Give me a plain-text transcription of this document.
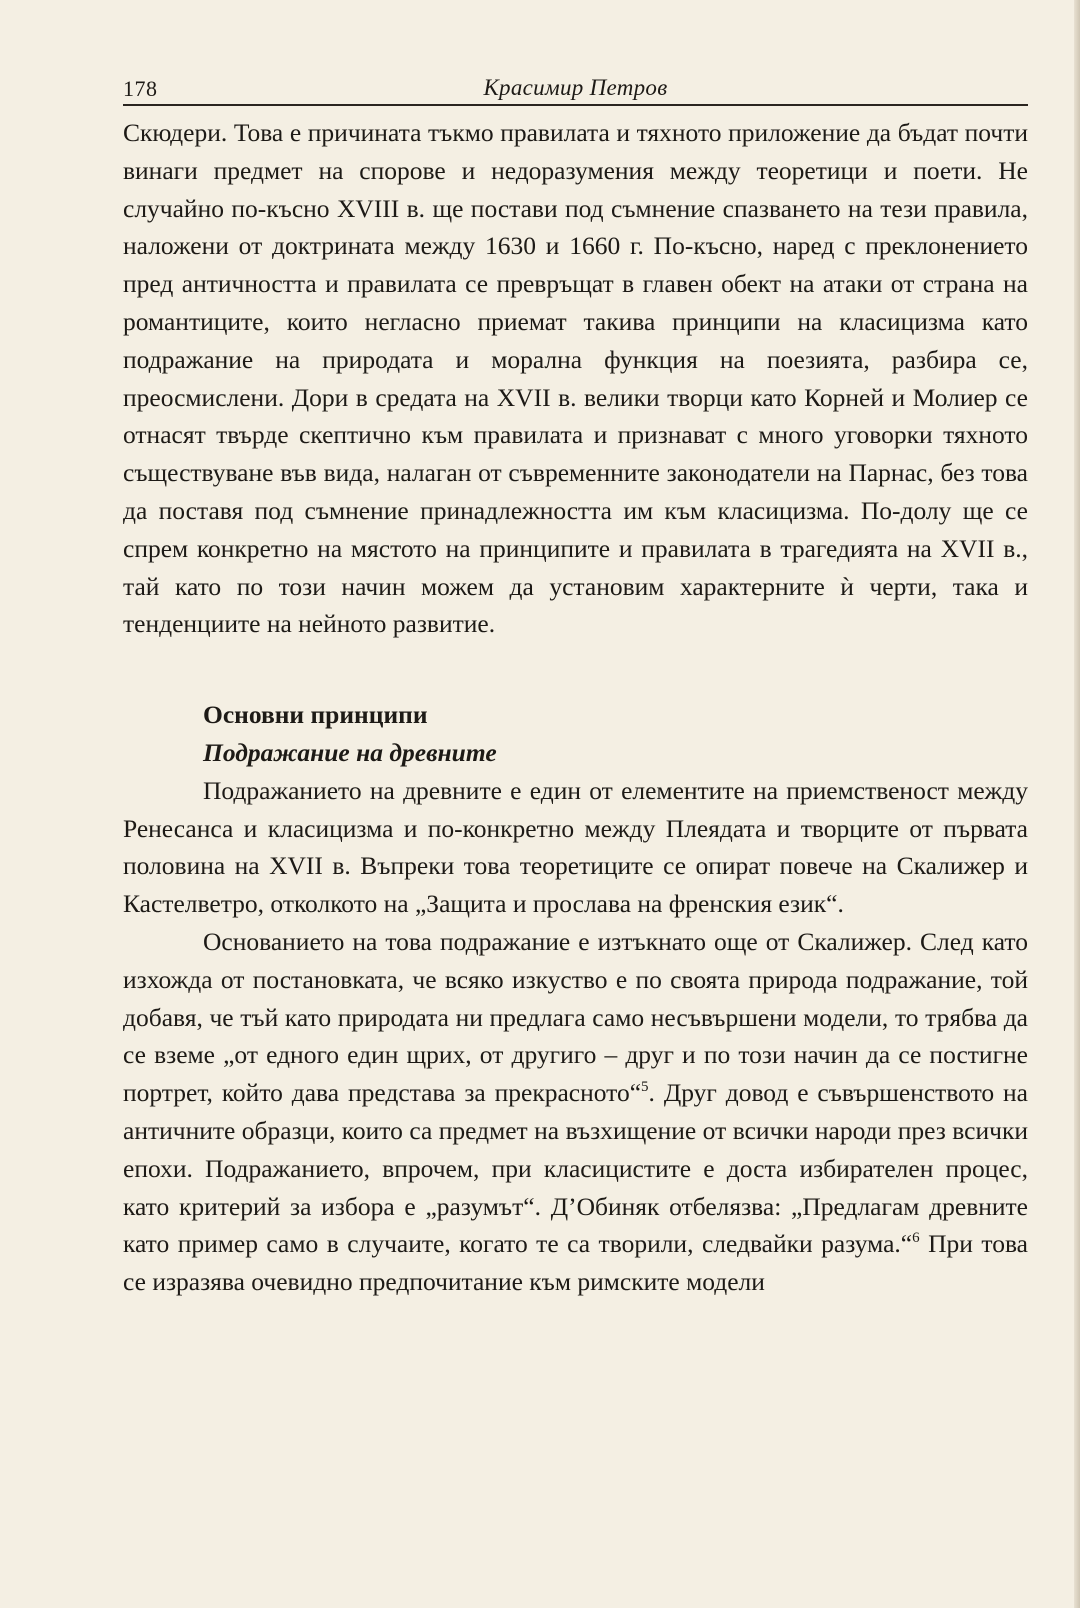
178	Красимир Петров

Скюдери. Това е причината тъкмо правилата и тяхното приложение да бъдат почти винаги предмет на спорове и недоразумения между теоретици и поети. Не случайно по-късно XVIII в. ще постави под съмнение спазването на тези правила, наложени от доктрината между 1630 и 1660 г. По-късно, наред с преклонението пред античността и правилата се превръщат в главен обект на атаки от страна на романтиците, които негласно приемат такива принципи на класицизма като подражание на природата и морална функция на поезията, разбира се, преосмислени. Дори в средата на XVII в. велики творци като Корней и Молиер се отнасят твърде скептично към правилата и признават с много уговорки тяхното съществуване във вида, налаган от съвременните законодатели на Парнас, без това да поставя под съмнение принадлежността им към класицизма. По-долу ще се спрем конкретно на мястото на принципите и правилата в трагедията на XVII в., тай като по този начин можем да установим характерните ѝ черти, така и тенденциите на нейното развитие.

Основни принципи
Подражание на древните

Подражанието на древните е един от елементите на приемственост между Ренесанса и класицизма и по-конкретно между Плеядата и творците от първата половина на XVII в. Въпреки това теоретиците се опират повече на Скалижер и Кастелветро, отколкото на „Защита и прослава на френския език“.

Основанието на това подражание е изтъкнато още от Скалижер. След като изхожда от постановката, че всяко изкуство е по своята природа подражание, той добавя, че тъй като природата ни предлага само несъвършени модели, то трябва да се вземе „от едного един щрих, от другиго – друг и по този начин да се постигне портрет, който дава представа за прекрасното“$^5$. Друг довод е съвършенството на античните образци, които са предмет на възхищение от всички народи през всички епохи. Подражанието, впрочем, при класицистите е доста избирателен процес, като критерий за избора е „разумът“. Д’Обиняк отбелязва: „Предлагам древните като пример само в случаите, когато те са творили, следвайки разума.“$^6$ При това се изразява очевидно предпочитание към римските модели
